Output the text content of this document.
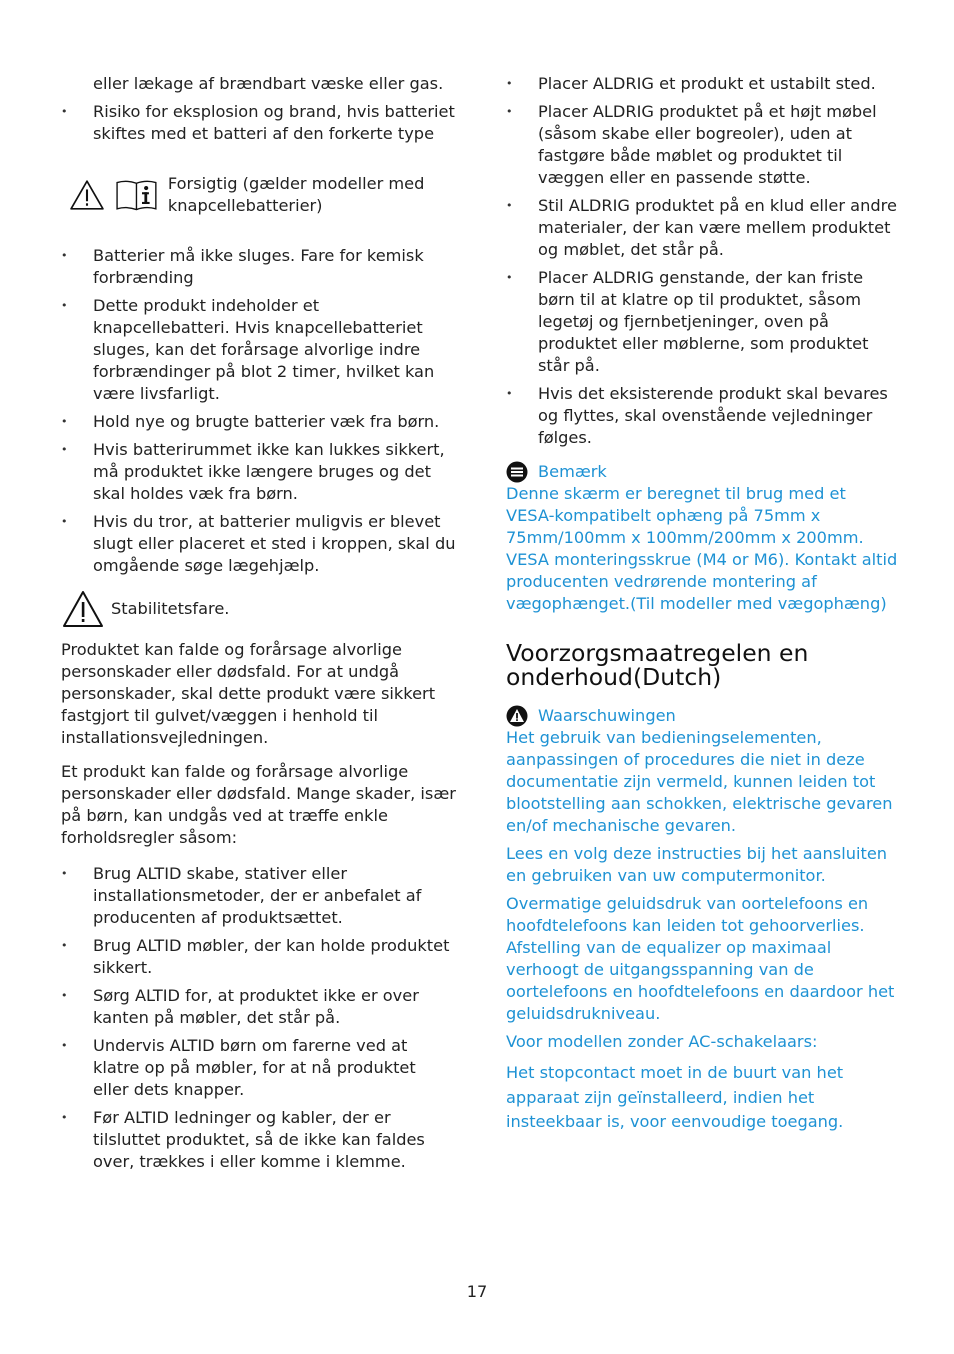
eller lækage af brændbart væske eller gas.

• Risiko for eksplosion og brand, hvis batteriet skiftes med et batteri af den forkerte type
Forsigtig (gælder modeller med knapcellebatterier)
• Batterier må ikke sluges. Fare for kemisk forbrænding
• Dette produkt indeholder et knapcellebatteri. Hvis knapcellebatteriet sluges, kan det forårsage alvorlige indre forbrændinger på blot 2 timer, hvilket kan være livsfarligt.
• Hold nye og brugte batterier væk fra børn.
• Hvis batterirummet ikke kan lukkes sikkert, må produktet ikke længere bruges og det skal holdes væk fra børn.
• Hvis du tror, at batterier muligvis er blevet slugt eller placeret et sted i kroppen, skal du omgående søge lægehjælp.
Stabilitetsfare.

Produktet kan falde og forårsage alvorlige personskader eller dødsfald. For at undgå personskader, skal dette produkt være sikkert fastgjort til gulvet/væggen i henhold til installationsvejledningen.

Et produkt kan falde og forårsage alvorlige personskader eller dødsfald. Mange skader, især på børn, kan undgås ved at træffe enkle forholdsregler såsom:

• Brug ALTID skabe, stativer eller installationsmetoder, der er anbefalet af producenten af produktsættet.
• Brug ALTID møbler, der kan holde produktet sikkert.
• Sørg ALTID for, at produktet ikke er over kanten på møbler, det står på.
• Undervis ALTID børn om farerne ved at klatre op på møbler, for at nå produktet eller dets knapper.
• Før ALTID ledninger og kabler, der er tilsluttet produktet, så de ikke kan faldes over, trækkes i eller komme i klemme.
• Placer ALDRIG et produkt et ustabilt sted.
• Placer ALDRIG produktet på et højt møbel (såsom skabe eller bogreoler), uden at fastgøre både møblet og produktet til væggen eller en passende støtte.
• Stil ALDRIG produktet på en klud eller andre materialer, der kan være mellem produktet og møblet, det står på.
• Placer ALDRIG genstande, der kan friste børn til at klatre op til produktet, såsom legetøj og fjernbetjeninger, oven på produktet eller møblerne, som produktet står på.
• Hvis det eksisterende produkt skal bevares og flyttes, skal ovenstående vejledninger følges.
Bemærk

Denne skærm er beregnet til brug med et VESA-kompatibelt ophæng på 75mm x 75mm/100mm x 100mm/200mm x 200mm. VESA monteringsskrue (M4 or M6). Kontakt altid producenten vedrørende montering af vægophænget.(Til modeller med vægophæng)

Voorzorgsmaatregelen en onderhoud(Dutch)
Waarschuwingen

Het gebruik van bedieningselementen, aanpassingen of procedures die niet in deze documentatie zijn vermeld, kunnen leiden tot blootstelling aan schokken, elektrische gevaren en/of mechanische gevaren.

Lees en volg deze instructies bij het aansluiten en gebruiken van uw computermonitor.

Overmatige geluidsdruk van oortelefoons en hoofdtelefoons kan leiden tot gehoorverlies. Afstelling van de equalizer op maximaal verhoogt de uitgangsspanning van de oortelefoons en hoofdtelefoons en daardoor het geluidsdrukniveau.

Voor modellen zonder AC-schakelaars:

Het stopcontact moet in de buurt van het apparaat zijn geïnstalleerd, indien het insteekbaar is, voor eenvoudige toegang.

17
